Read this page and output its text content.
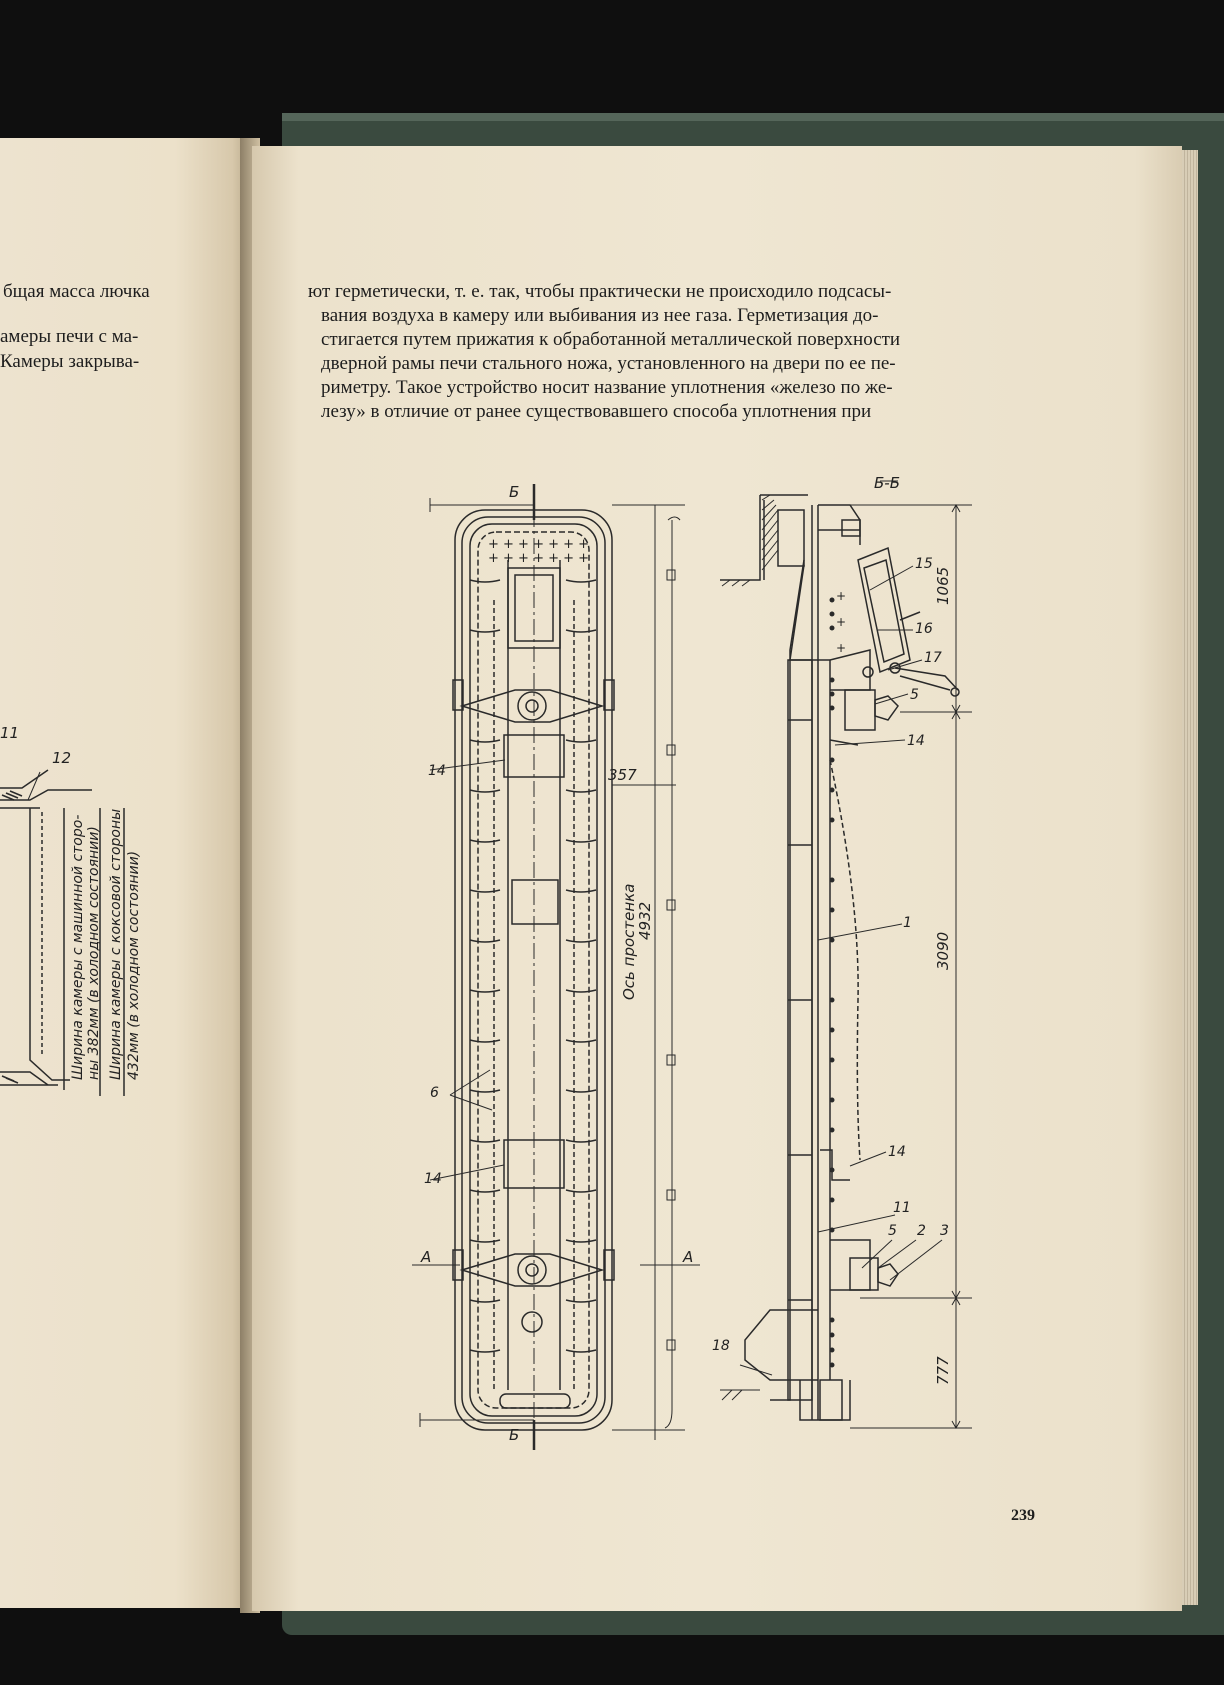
бщая масса лючка

амеры печи с ма-

Камеры закрыва-

ют герметически, т. е. так, чтобы практически не происходило подсасы-

вания воздуха в камеру или выбивания из нее газа. Герметизация до-

стигается путем прижатия к обработанной металлической поверхности

дверной рамы печи стального ножа, установленного на двери по ее пе-

риметру. Такое устройство носит название уплотнения «железо по же-

лезу» в отличие от ранее существовавшего способа уплотнения при

239
+ + + + + + +
+ + + + + + +
+
+
+
12
11
Ширина камеры с машинной сторо- ны 382мм (в холодном состоянии) Ширина камеры с коксовой стороны 432мм (в холодном состоянии)
Б
Б
Б-Б
А	А
357
Ось простенка
4932
1065
3090
777
14
6
14
15
16
17
5
14
1
14
11
5 2 3
18
